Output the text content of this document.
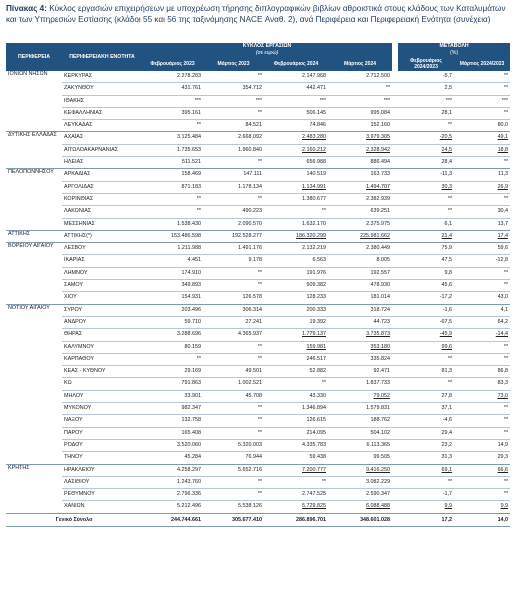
Πίνακας 4: Κύκλος εργασιών επιχειρήσεων με υποχρέωση τήρησης διπλογραφικών βιβλίων αθροιστικά στους κλάδους των Καταλυμάτων και των Υπηρεσιών Εστίασης (κλάδοι 55 και 56 της ταξινόμησης NACE Αναθ. 2), ανά Περιφέρεια και Περιφερειακή Ενότητα (συνέχεια)
ΠΕΡΙΦΕΡΕΙΑ	ΠΕΡΙΦΕΡΕΙΑΚΗ ΕΝΟΤΗΤΑ	ΚΥΚΛΟΣ ΕΡΓΑΣΙΩΝ
(σε ευρώ)					ΜΕΤΑΒΟΛΗ
(%)	
		Φεβρουάριος 2023	Μάρτιος 2023	Φεβρουάριος 2024	Μάρτιος 2024		Φεβρουάριος 2024/2023	Μάρτιος 2024/2023
ΙΟΝΙΩΝ ΝΗΣΩΝ	ΚΕΡΚΥΡΑΣ	2.278.283	**	2.147.968	2.712.500		-5,7	**
	ΖΑΚΥΝΘΟΥ	431.761	354.712	442.471	**		2,5	**
	ΙΘΑΚΗΣ	***	***	***	***		***	***
	ΚΕΦΑΛΛΗΝΙΑΣ	395.161	**	506.145	995.084		28,1	**
	ΛΕΥΚΑΔΑΣ	**	84.521	74.846	152.160		**	80,0
ΔΥΤΙΚΗΣ ΕΛΛΑΔΑΣ	ΑΧΑΪΑΣ	3.125.484	2.668.092	2.483.280	3.979.305		-20,5	49,1
	ΑΙΤΩΛΟΑΚΑΡΝΑΝΙΑΣ	1.735.653	1.960.840	2.160.212	2.328.942		24,5	18,8
	ΗΛΕΙΑΣ	511.521	**	656.988	886.494		28,4	**
ΠΕΛΟΠΟΝΝΗΣΟΥ	ΑΡΚΑΔΙΑΣ	158.469	147.111	140.519	163.733		-11,3	11,3
	ΑΡΓΟΛΙΔΑΣ	871.183	1.178.134	1.134.991	1.494.707		30,3	26,9
	ΚΟΡΙΝΘΙΑΣ	**	**	1.380.677	2.382.939		**	**
	ΛΑΚΩΝΙΑΣ	**	490.223	**	639.251		**	30,4
	ΜΕΣΣΗΝΙΑΣ	1.538.430	2.090.570	1.632.170	2.375.975		6,1	13,7
ΑΤΤΙΚΗΣ	ΑΤΤΙΚΗΣ(*)	153.486.598	192.528.277	186.320.299	225.981.662		21,4	17,4
ΒΟΡΕΙΟΥ ΑΙΓΑΙΟΥ	ΛΕΣΒΟΥ	1.211.988	1.491.176	2.132.219	2.380.449		75,9	59,6
	ΙΚΑΡΙΑΣ	4.451	9.178	6.563	8.005		47,5	-12,8
	ΛΗΜΝΟΥ	174.910	**	191.976	192.557		9,8	**
	ΣΑΜΟΥ	349.893	**	509.382	478.930		45,6	**
	ΧΙΟΥ	154.931	126.578	128.233	181.014		-17,2	43,0
ΝΟΤΙΟΥ ΑΙΓΑΙΟΥ	ΣΥΡΟΥ	203.496	306.314	200.333	318.724		-1,6	4,1
	ΑΝΔΡΟΥ	59.710	27.241	19.392	44.723		-67,5	64,2
	ΘΗΡΑΣ	3.288.696	4.365.937	1.779.137	3.735.873		-45,9	-14,4
	ΚΑΛΥΜΝΟΥ	80.159	**	159.981	353.180		99,6	**
	ΚΑΡΠΑΘΟΥ	**	**	246.517	335.824		**	**
	ΚΕΑΣ - ΚΥΘΝΟΥ	29.169	49.501	52.882	92.471		81,3	86,8
	ΚΩ	791.863	1.002.521	**	1.837.733		**	83,3
	ΜΗΛΟΥ	33.901	45.708	43.330	79.052		27,8	73,0
	ΜΥΚΟΝΟΥ	982.347	**	1.346.894	1.579.831		37,1	**
	ΝΑΞΟΥ	132.758	**	126.615	188.762		-4,6	**
	ΠΑΡΟΥ	165.408	**	214.095	504.102		29,4	**
	ΡΟΔΟΥ	3.520.060	5.320.003	4.335.783	6.113.365		23,2	14,9
	ΤΗΝΟΥ	45.284	76.944	59.438	99.505		31,3	29,3
ΚΡΗΤΗΣ	ΗΡΑΚΛΕΙΟΥ	4.258.297	5.652.716	7.200.777	9.416.250		69,1	66,6
	ΛΑΣΙΘΙΟΥ	1.243.760	**	**	3.082.229		**	**
	ΡΕΘΥΜΝΟΥ	2.796.336	**	2.747.525	2.590.347		-1,7	**
	ΧΑΝΙΩΝ	5.212.496	5.538.126	5.729.825	6.088.488		9,9	9,9
Γενικό Σύνολο		244.744.661	305.677.410	286.896.701	348.601.028		17,2	14,0
